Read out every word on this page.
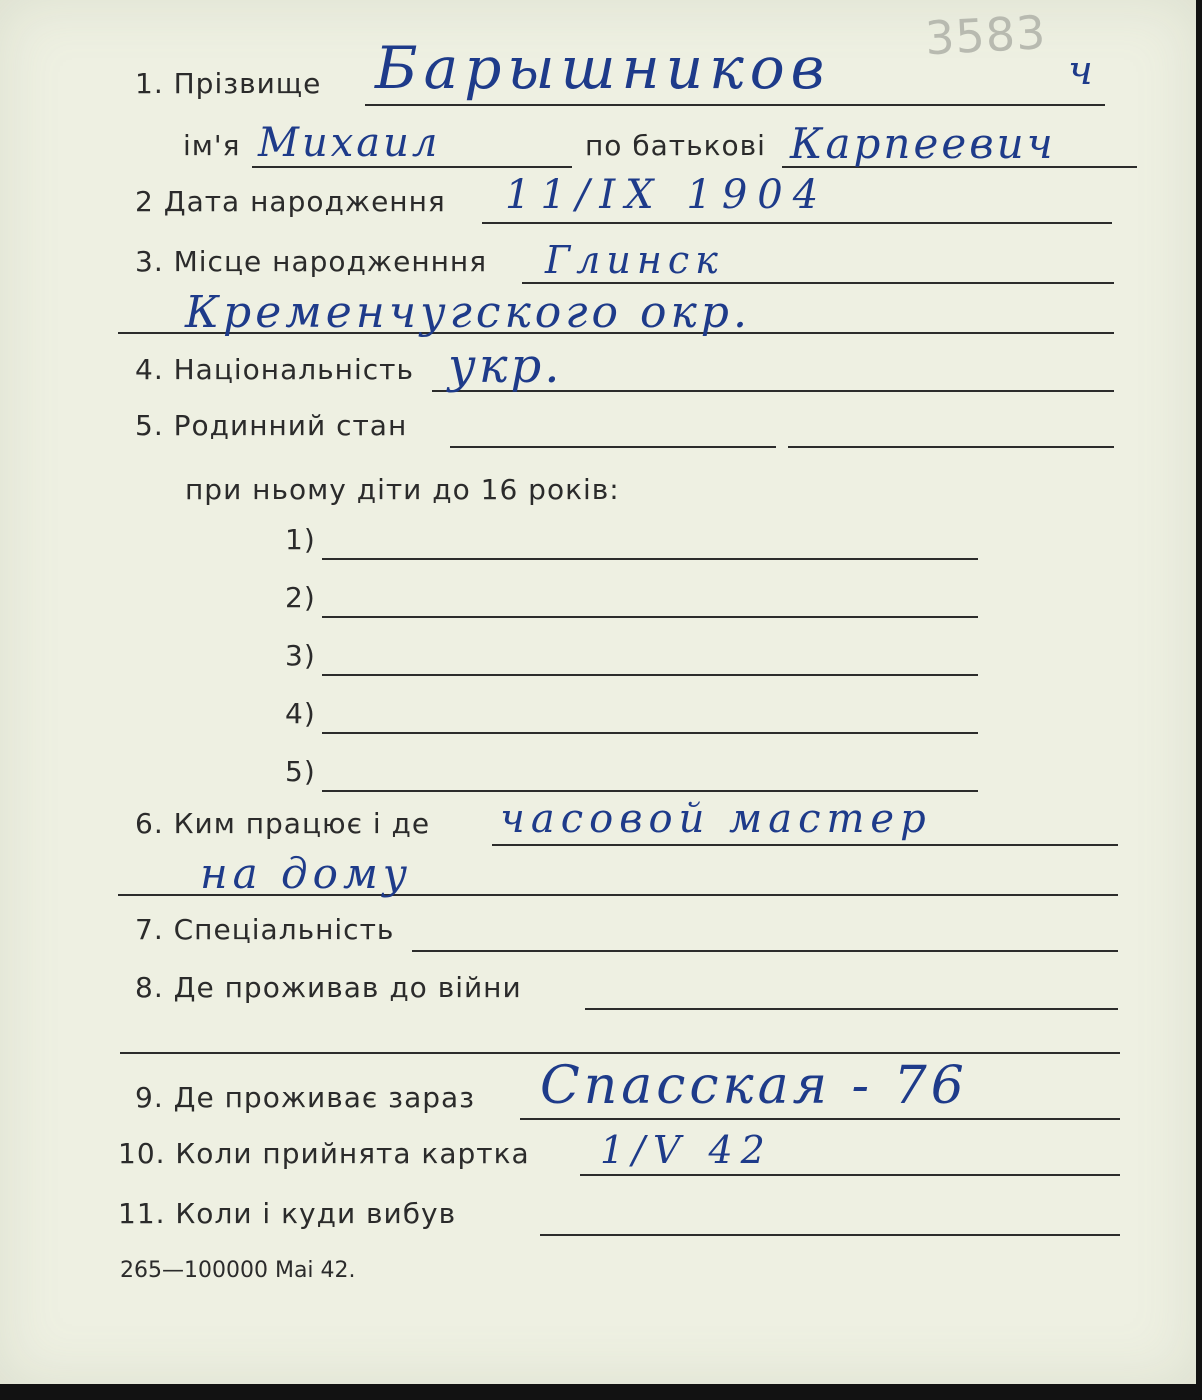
3583
1. Прізвище Барышников	ч
ім'я Михаил	по батькові Карпеевич
2 Дата народження 11/IX 1904
3. Місце народженння Глинск
Кременчугского окр.
4. Національність укр.
5. Родинний стан
при ньому діти до 16 років:
1)
2)
3)
4)
5)
6. Ким працює і де часовой мастер
на дому
7. Спеціальність
8. Де проживав до війни
9. Де проживає зараз Спасская - 76
10. Коли прийнята картка 1/V 42
11. Коли і куди вибув
265—100000 Mai 42.
